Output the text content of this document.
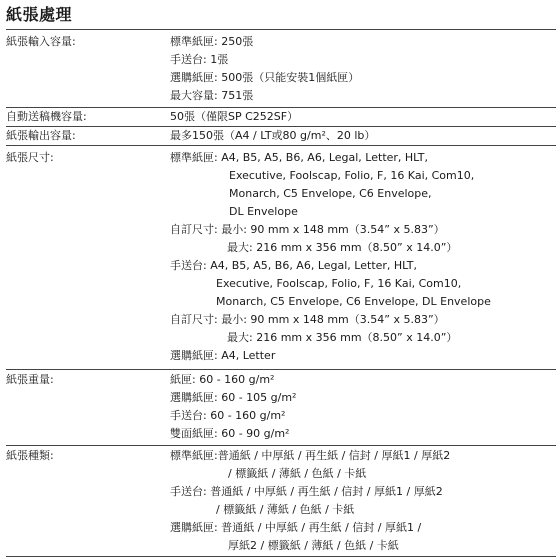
紙張處理
紙張輸入容量:	標準紙匣: 250張
手送台: 1張
選購紙匣: 500張（只能安裝1個紙匣）
最大容量: 751張
自動送稿機容量:	50張（僅限SP C252SF）
紙張輸出容量:	最多150張（A4 / LT或80 g/m²、20 lb）
紙張尺寸:	標準紙匣: A4, B5, A5, B6, A6, Legal, Letter, HLT,
Executive, Foolscap, Folio, F, 16 Kai, Com10,
Monarch, C5 Envelope, C6 Envelope,
DL Envelope
自訂尺寸: 最小: 90 mm x 148 mm（3.54” x 5.83”）
最大: 216 mm x 356 mm（8.50” x 14.0”）
手送台: A4, B5, A5, B6, A6, Legal, Letter, HLT,
Executive, Foolscap, Folio, F, 16 Kai, Com10,
Monarch, C5 Envelope, C6 Envelope, DL Envelope
自訂尺寸: 最小: 90 mm x 148 mm（3.54” x 5.83”）
最大: 216 mm x 356 mm（8.50” x 14.0”）
選購紙匣: A4, Letter
紙張重量:	紙匣: 60 - 160 g/m²
選購紙匣: 60 - 105 g/m²
手送台: 60 - 160 g/m²
雙面紙匣: 60 - 90 g/m²
紙張種類:	標準紙匣:普通紙 / 中厚紙 / 再生紙 / 信封 / 厚紙1 / 厚紙2
/ 標籤紙 / 薄紙 / 色紙 / 卡紙
手送台: 普通紙 / 中厚紙 / 再生紙 / 信封 / 厚紙1 / 厚紙2
/ 標籤紙 / 薄紙 / 色紙 / 卡紙
選購紙匣: 普通紙 / 中厚紙 / 再生紙 / 信封 / 厚紙1 /
厚紙2 / 標籤紙 / 薄紙 / 色紙 / 卡紙
